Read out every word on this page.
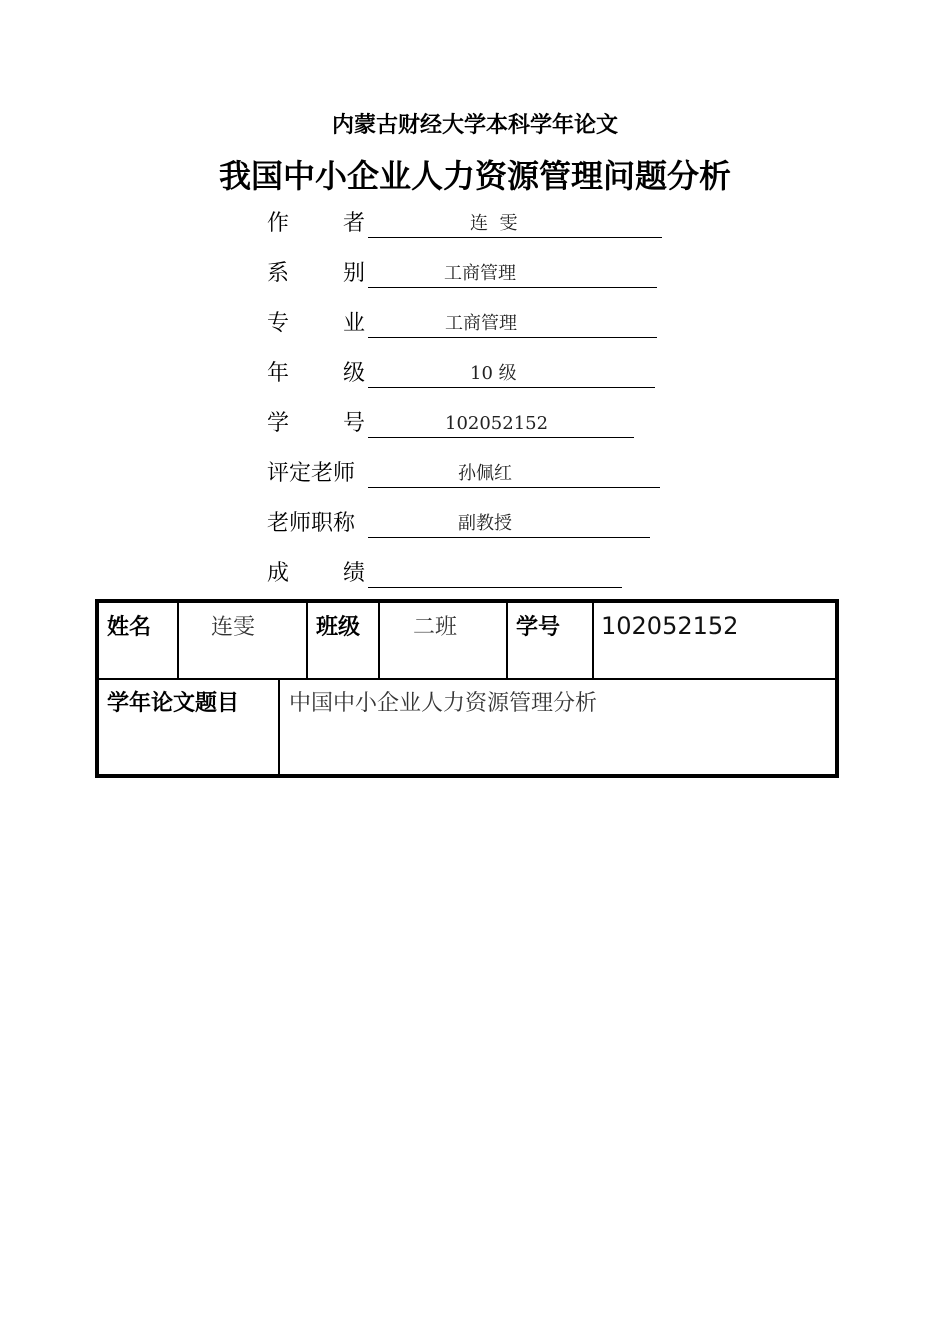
内蒙古财经大学本科学年论文
我国中小企业人力资源管理问题分析
作 者	连  雯
系 别	工商管理
专 业	工商管理
年 级	10 级
学 号	102052152
评定老师	孙佩红
老师职称	副教授
成 绩
姓名	连雯	班级 二班	学号 102052152
学年论文题目 中国中小企业人力资源管理分析
